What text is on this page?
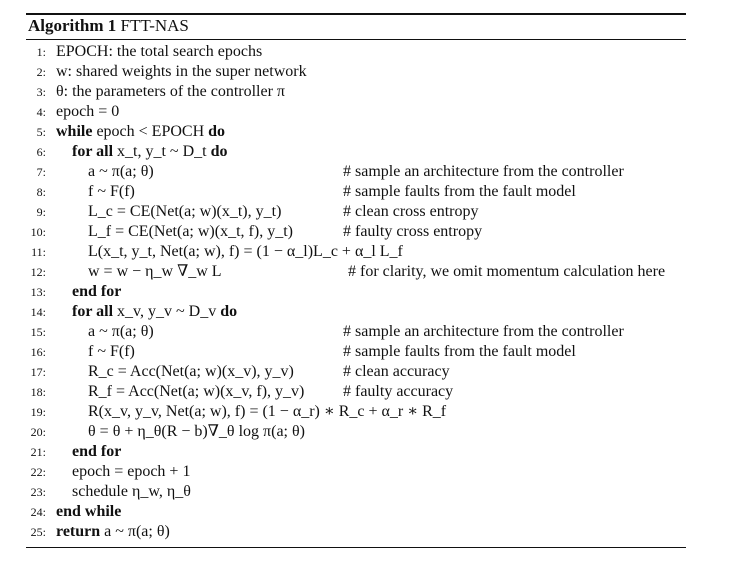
Algorithm 1 FTT-NAS
1: EPOCH: the total search epochs
2: w: shared weights in the super network
3: θ: the parameters of the controller π
4: epoch = 0
5: while epoch < EPOCH do
6: for all x_t, y_t ~ D_t do
7:	a ~ π(a; θ)	# sample an architecture from the controller
8:	f ~ F(f)	# sample faults from the fault model
9:	L_c = CE(Net(a; w)(x_t), y_t)	# clean cross entropy
10:	L_f = CE(Net(a; w)(x_t, f), y_t)	# faulty cross entropy
11:	L(x_t, y_t, Net(a; w), f) = (1 − α_l)L_c + α_l L_f
12:	w = w − η_w ∇_w L	# for clarity, we omit momentum calculation here
13: end for
14: for all x_v, y_v ~ D_v do
15:	a ~ π(a; θ)	# sample an architecture from the controller
16:	f ~ F(f)	# sample faults from the fault model
17:	R_c = Acc(Net(a; w)(x_v), y_v)	# clean accuracy
18:	R_f = Acc(Net(a; w)(x_v, f), y_v) # faulty accuracy
19:	R(x_v, y_v, Net(a; w), f) = (1 − α_r) ∗ R_c + α_r ∗ R_f
20:	θ = θ + η_θ(R − b)∇_θ log π(a; θ)
21: end for
22: epoch = epoch + 1
23: schedule η_w, η_θ
24: end while
25: return a ~ π(a; θ)
